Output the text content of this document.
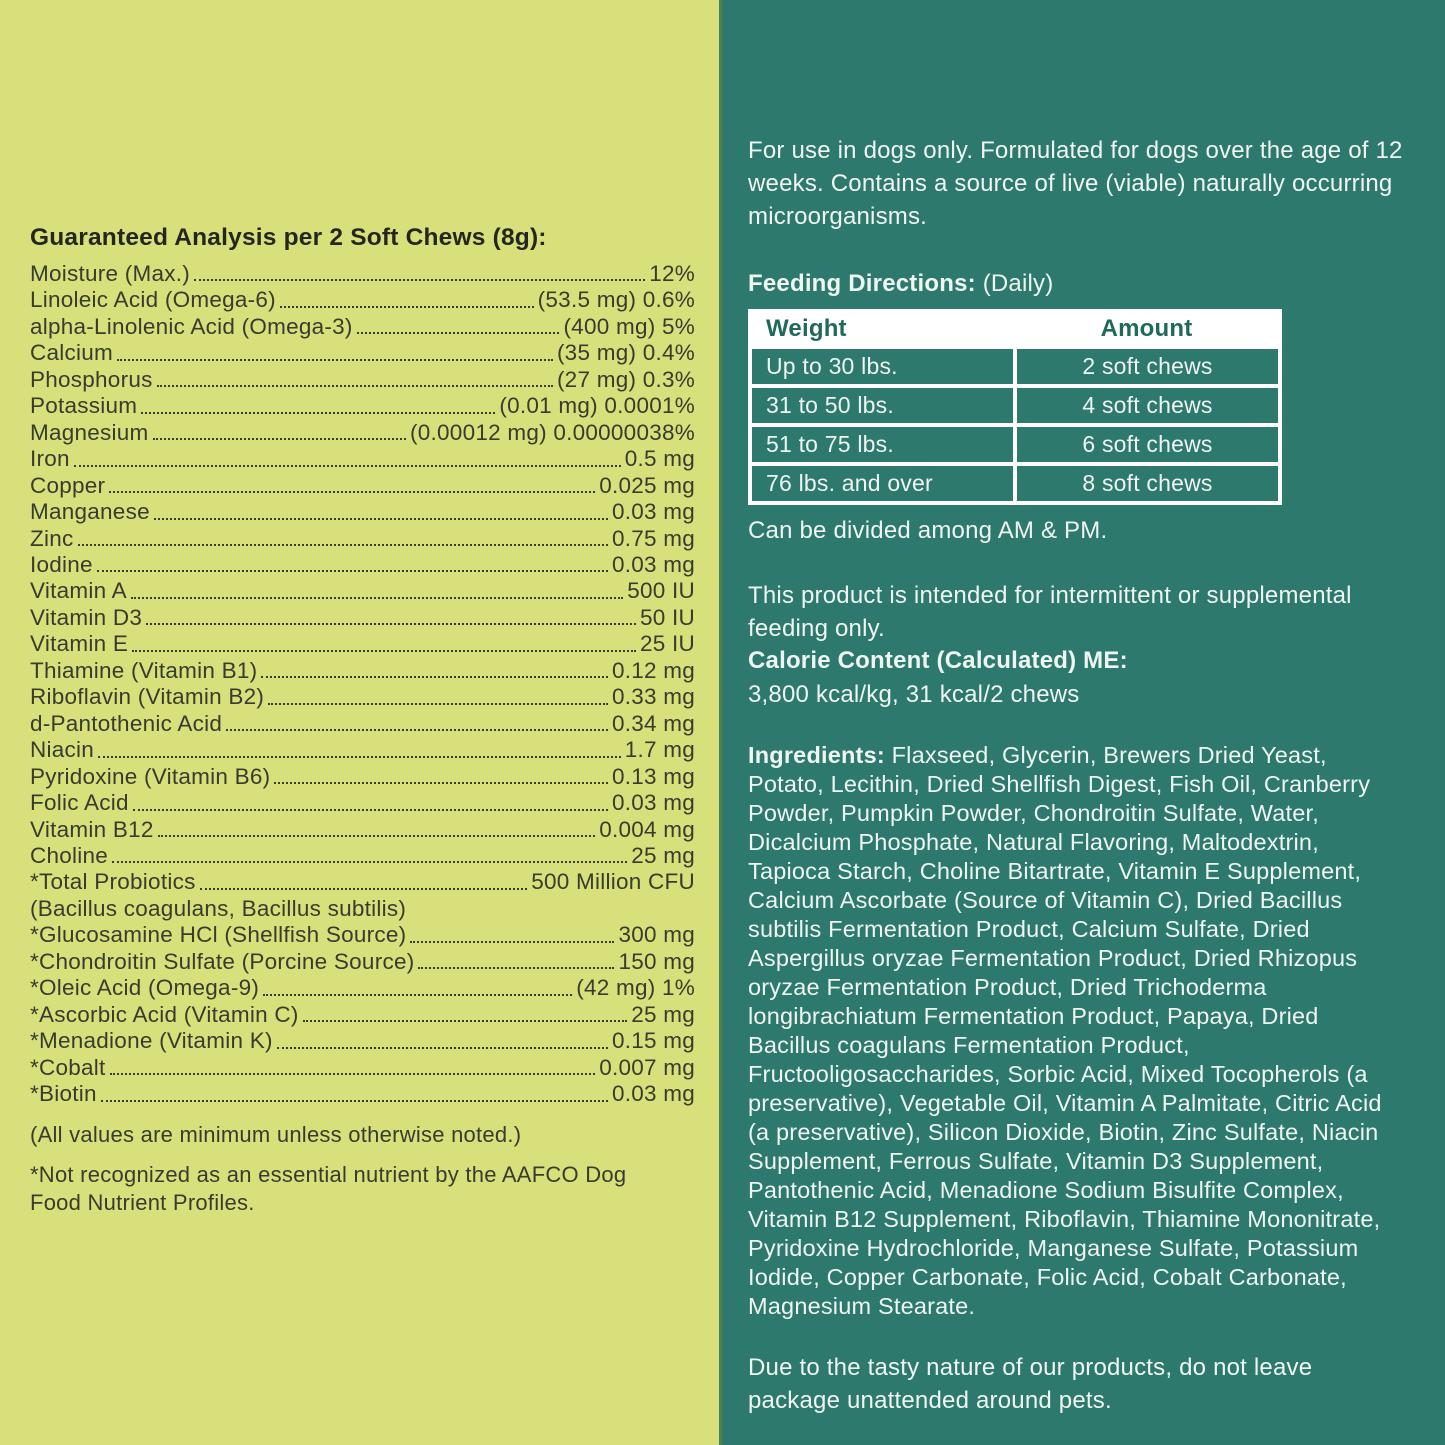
Guaranteed Analysis per 2 Soft Chews (8g):
Moisture (Max.)	12%
Linoleic Acid (Omega-6)	(53.5 mg) 0.6%
alpha-Linolenic Acid (Omega-3)	(400 mg) 5%
Calcium	(35 mg) 0.4%
Phosphorus	(27 mg) 0.3%
Potassium	(0.01 mg) 0.0001%
Magnesium	(0.00012 mg) 0.00000038%
Iron	0.5 mg
Copper	0.025 mg
Manganese	0.03 mg
Zinc	0.75 mg
Iodine	0.03 mg
Vitamin A	500 IU
Vitamin D3	50 IU
Vitamin E	25 IU
Thiamine (Vitamin B1)	0.12 mg
Riboflavin (Vitamin B2)	0.33 mg
d-Pantothenic Acid	0.34 mg
Niacin	1.7 mg
Pyridoxine (Vitamin B6)	0.13 mg
Folic Acid	0.03 mg
Vitamin B12	0.004 mg
Choline	25 mg
*Total Probiotics	500 Million CFU
(Bacillus coagulans, Bacillus subtilis)
*Glucosamine HCl (Shellfish Source)	300 mg
*Chondroitin Sulfate (Porcine Source)	150 mg
*Oleic Acid (Omega-9)	(42 mg) 1%
*Ascorbic Acid (Vitamin C)	25 mg
*Menadione (Vitamin K)	0.15 mg
*Cobalt	0.007 mg
*Biotin	0.03 mg

(All values are minimum unless otherwise noted.)

*Not recognized as an essential nutrient by the AAFCO Dog Food Nutrient Profiles.

For use in dogs only. Formulated for dogs over the age of 12 weeks. Contains a source of live (viable) naturally occurring microorganisms.

Feeding Directions: (Daily)
Weight	Amount
Up to 30 lbs.	2 soft chews
31 to 50 lbs.	4 soft chews
51 to 75 lbs.	6 soft chews
76 lbs. and over	8 soft chews

Can be divided among AM & PM.

This product is intended for intermittent or supplemental feeding only.

Calorie Content (Calculated) ME:

3,800 kcal/kg, 31 kcal/2 chews

Ingredients: Flaxseed, Glycerin, Brewers Dried Yeast, Potato, Lecithin, Dried Shellfish Digest, Fish Oil, Cranberry Powder, Pumpkin Powder, Chondroitin Sulfate, Water, Dicalcium Phosphate, Natural Flavoring, Maltodextrin, Tapioca Starch, Choline Bitartrate, Vitamin E Supplement, Calcium Ascorbate (Source of Vitamin C), Dried Bacillus subtilis Fermentation Product, Calcium Sulfate, Dried Aspergillus oryzae Fermentation Product, Dried Rhizopus oryzae Fermentation Product, Dried Trichoderma longibrachiatum Fermentation Product, Papaya, Dried Bacillus coagulans Fermentation Product, Fructooligosaccharides, Sorbic Acid, Mixed Tocopherols (a preservative), Vegetable Oil, Vitamin A Palmitate, Citric Acid (a preservative), Silicon Dioxide, Biotin, Zinc Sulfate, Niacin Supplement, Ferrous Sulfate, Vitamin D3 Supplement, Pantothenic Acid, Menadione Sodium Bisulfite Complex, Vitamin B12 Supplement, Riboflavin, Thiamine Mononitrate, Pyridoxine Hydrochloride, Manganese Sulfate, Potassium Iodide, Copper Carbonate, Folic Acid, Cobalt Carbonate, Magnesium Stearate.

Due to the tasty nature of our products, do not leave package unattended around pets.
